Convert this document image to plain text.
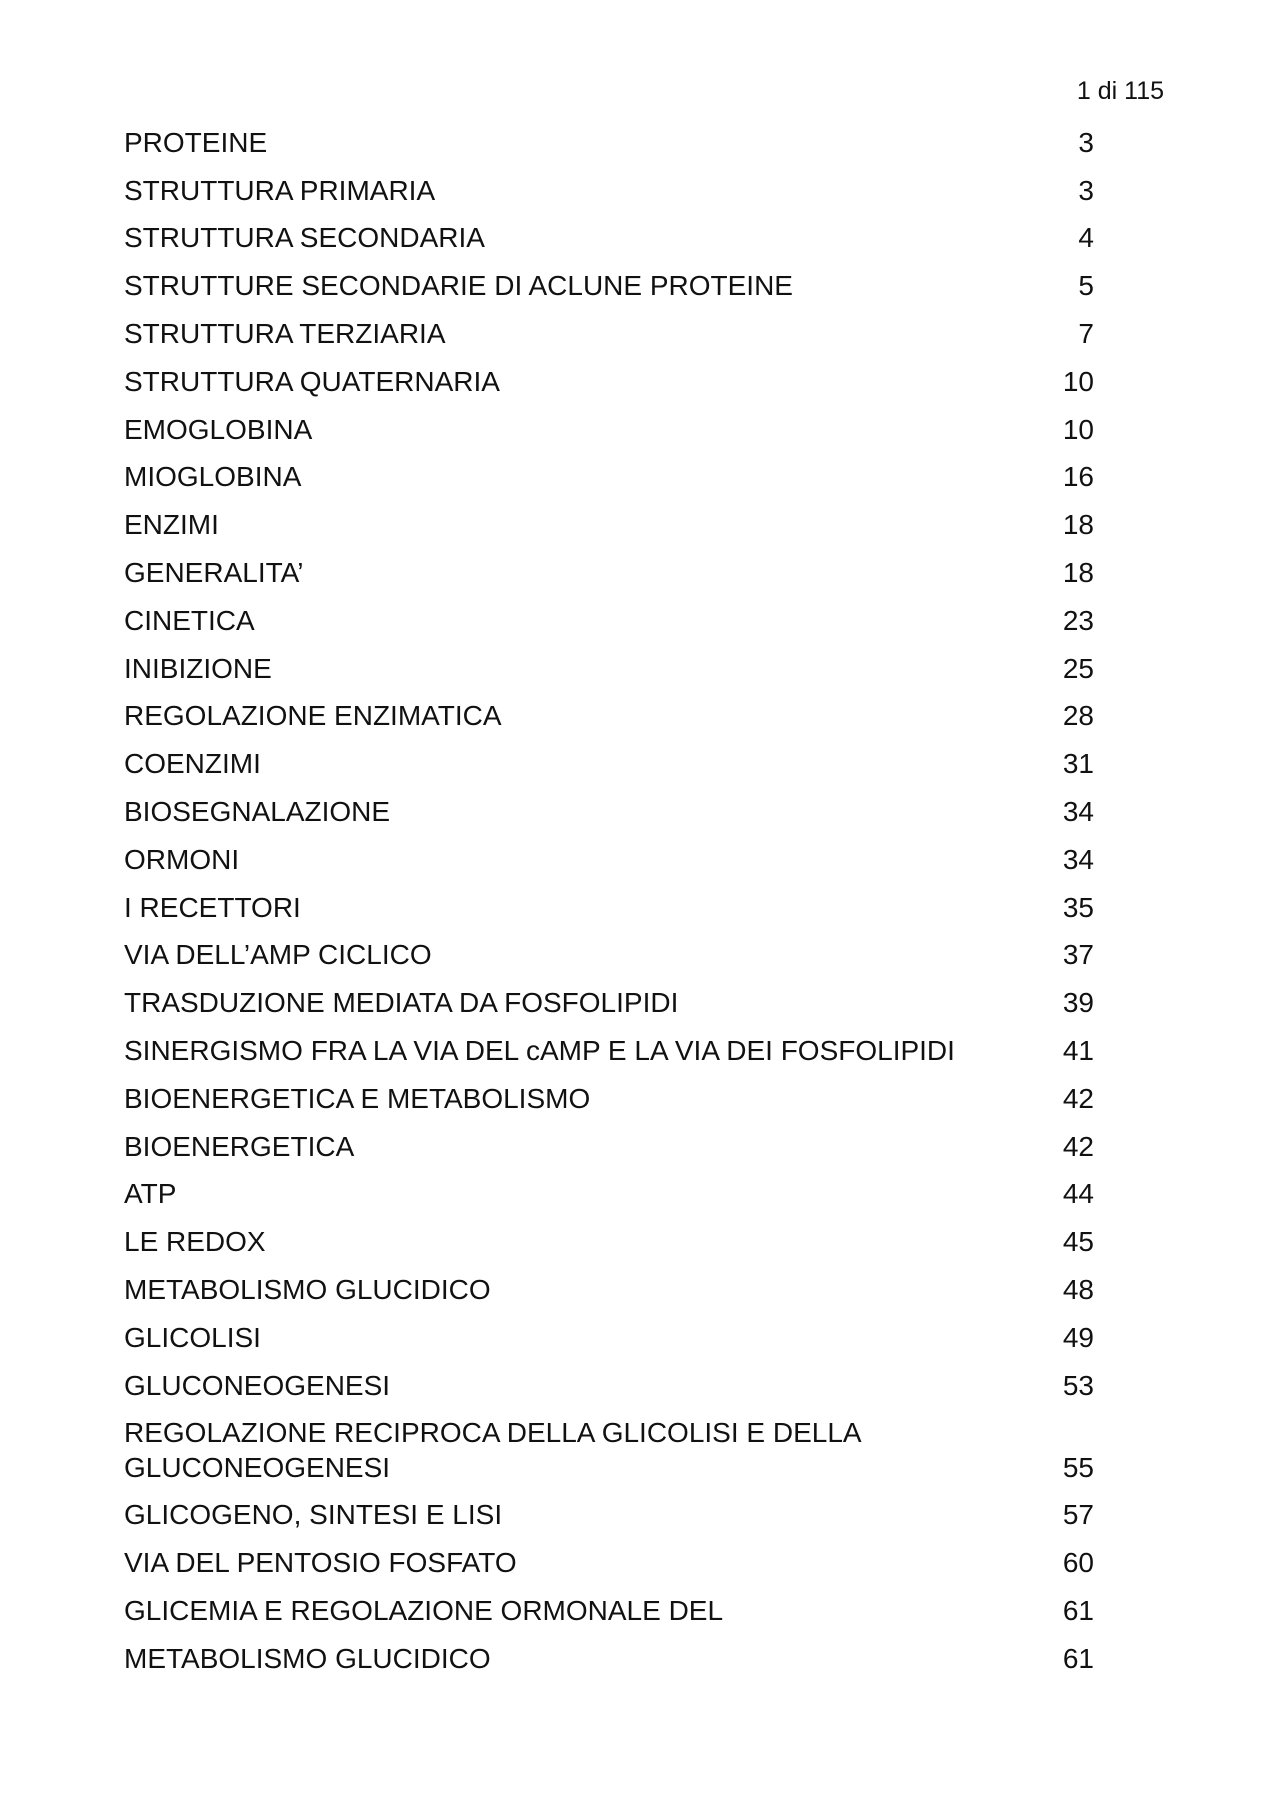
1 di 115
PROTEINE	3
STRUTTURA PRIMARIA	3
STRUTTURA SECONDARIA	4
STRUTTURE SECONDARIE DI ACLUNE PROTEINE	5
STRUTTURA TERZIARIA	7
STRUTTURA QUATERNARIA	10
EMOGLOBINA	10
MIOGLOBINA	16
ENZIMI	18
GENERALITA’	18
CINETICA	23
INIBIZIONE	25
REGOLAZIONE ENZIMATICA	28
COENZIMI	31
BIOSEGNALAZIONE	34
ORMONI	34
I RECETTORI	35
VIA DELL’AMP CICLICO	37
TRASDUZIONE MEDIATA DA FOSFOLIPIDI	39
SINERGISMO FRA LA VIA DEL cAMP E LA VIA DEI FOSFOLIPIDI	41
BIOENERGETICA E METABOLISMO	42
BIOENERGETICA	42
ATP	44
LE REDOX	45
METABOLISMO GLUCIDICO	48
GLICOLISI	49
GLUCONEOGENESI	53
REGOLAZIONE RECIPROCA DELLA GLICOLISI E DELLA GLUCONEOGENESI	55
GLICOGENO, SINTESI E LISI	57
VIA DEL PENTOSIO FOSFATO	60
GLICEMIA E REGOLAZIONE ORMONALE DEL	61
METABOLISMO GLUCIDICO	61
